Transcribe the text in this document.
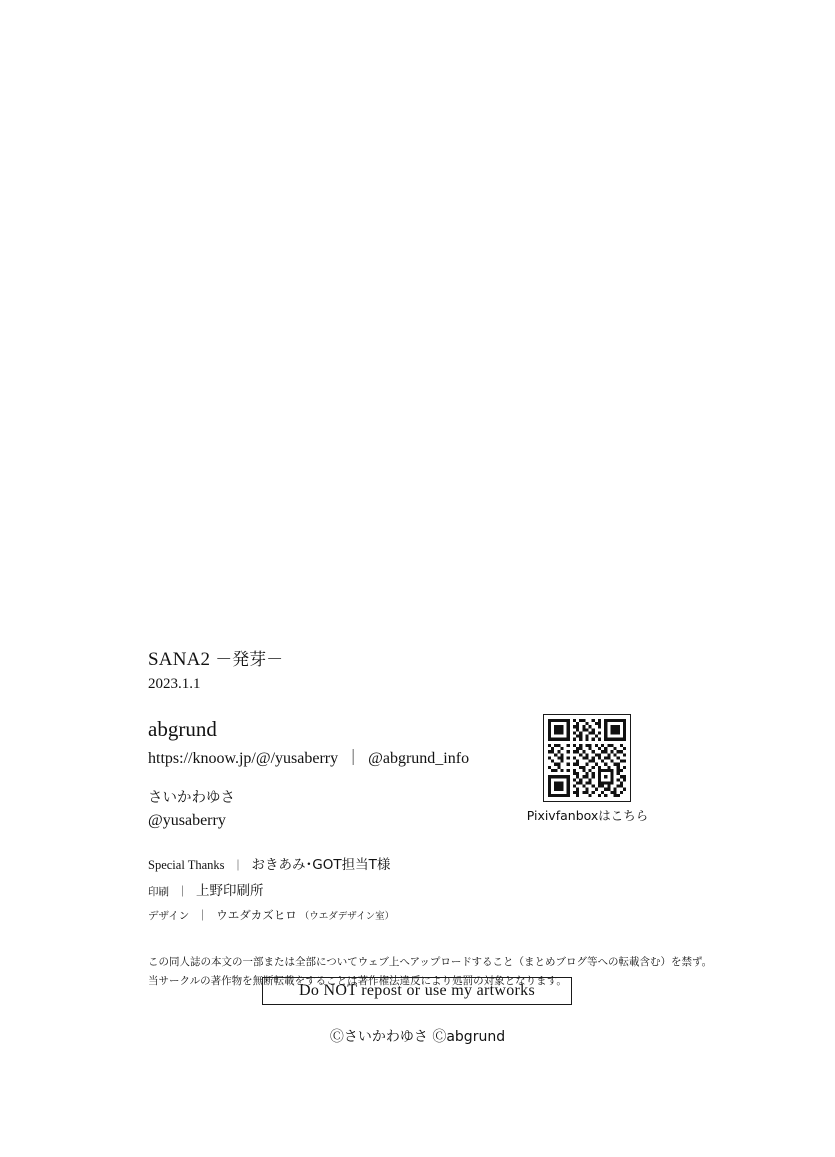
SANA2 －発芽－
2023.1.1
abgrund
https://knoow.jp/@/yusaberry ｜ @abgrund_info
さいかわゆさ
@yusaberry
Special Thanks ｜ おきあみ･GOT担当T様
印刷 ｜ 上野印刷所
デザイン ｜ ウエダカズヒロ （ウエダデザイン室）
この同人誌の本文の一部または全部についてウェブ上へアップロードすること（まとめブログ等への転載含む）を禁ず。
当サークルの著作物を無断転載をすることは著作権法違反により処罰の対象となります。
Pixivfanboxはこちら
Do NOT repost or use my artworks
Ⓒさいかわゆさ Ⓒabgrund
